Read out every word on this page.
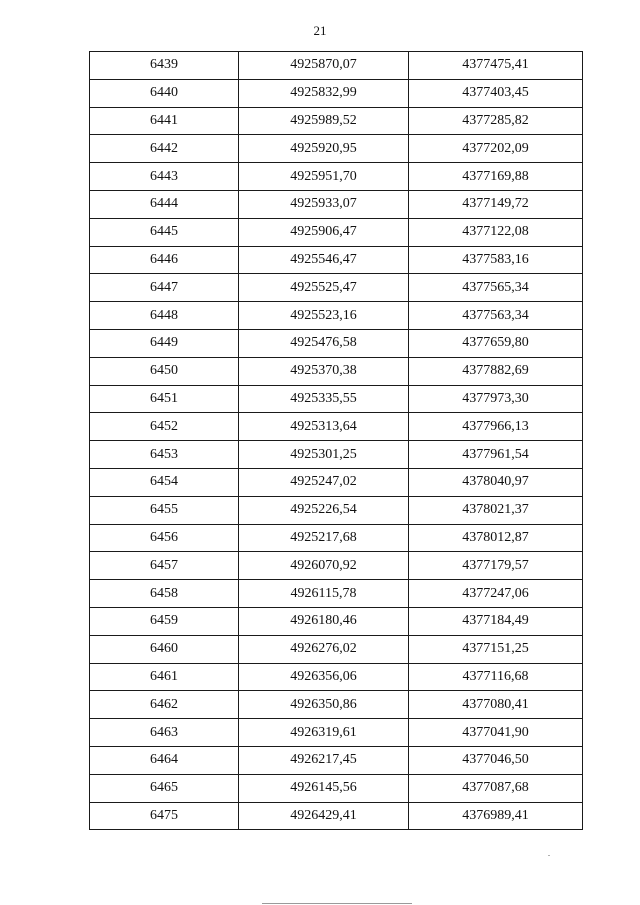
21
6439	4925870,07	4377475,41
6440	4925832,99	4377403,45
6441	4925989,52	4377285,82
6442	4925920,95	4377202,09
6443	4925951,70	4377169,88
6444	4925933,07	4377149,72
6445	4925906,47	4377122,08
6446	4925546,47	4377583,16
6447	4925525,47	4377565,34
6448	4925523,16	4377563,34
6449	4925476,58	4377659,80
6450	4925370,38	4377882,69
6451	4925335,55	4377973,30
6452	4925313,64	4377966,13
6453	4925301,25	4377961,54
6454	4925247,02	4378040,97
6455	4925226,54	4378021,37
6456	4925217,68	4378012,87
6457	4926070,92	4377179,57
6458	4926115,78	4377247,06
6459	4926180,46	4377184,49
6460	4926276,02	4377151,25
6461	4926356,06	4377116,68
6462	4926350,86	4377080,41
6463	4926319,61	4377041,90
6464	4926217,45	4377046,50
6465	4926145,56	4377087,68
6475	4926429,41	4376989,41
